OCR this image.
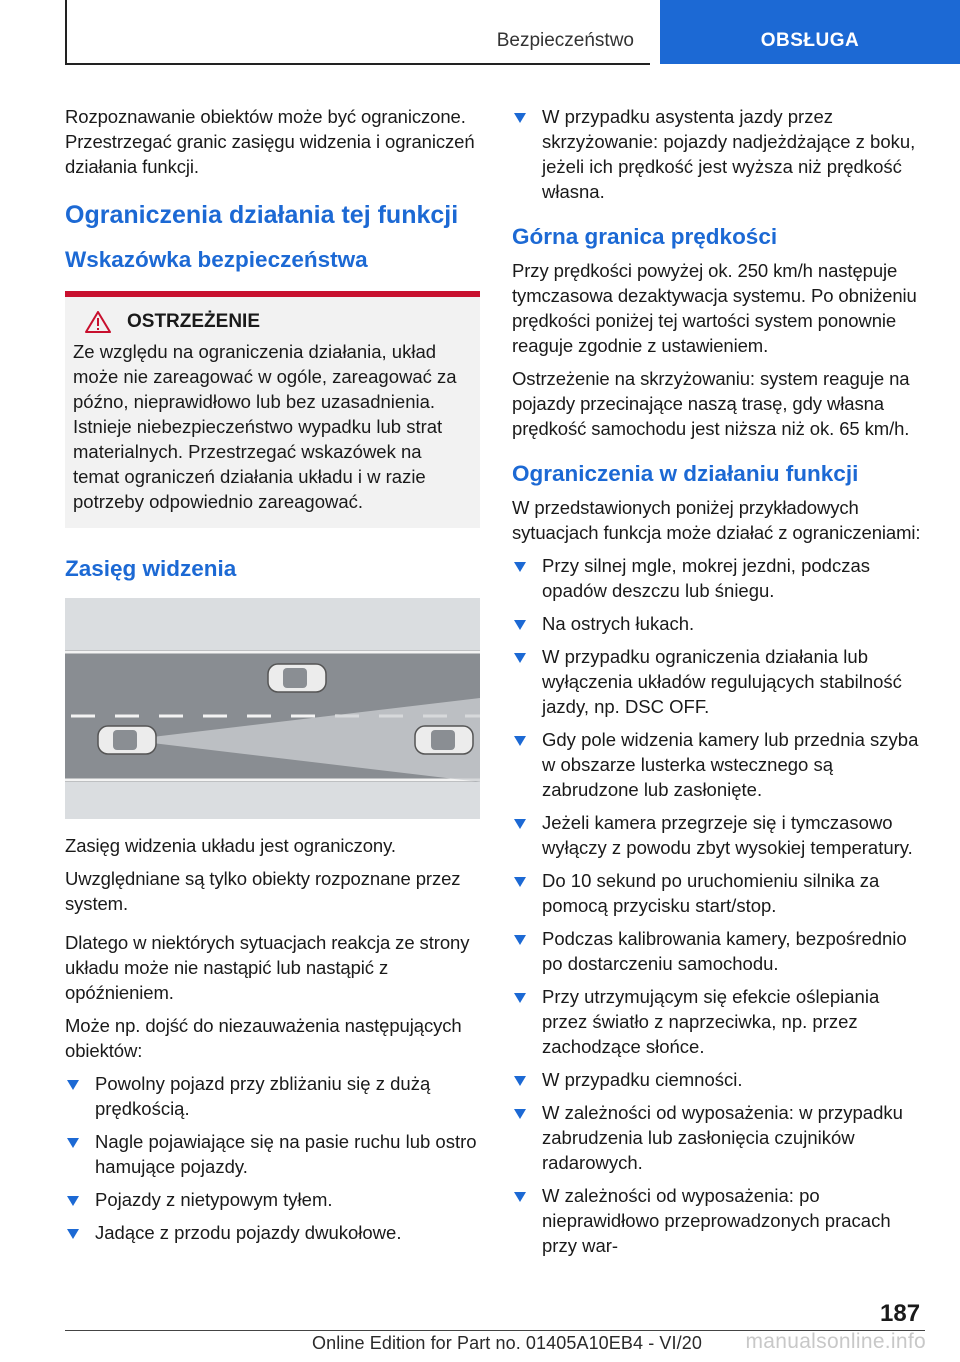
Bezpieczeństwo	OBSŁUGA

Rozpoznawanie obiektów może być ograniczone. Przestrzegać granic zasięgu widzenia i ograniczeń działania funkcji.

Ograniczenia działania tej funkcji
Wskazówka bezpieczeństwa
OSTRZEŻENIE
Ze względu na ograniczenia działania, układ może nie zareagować w ogóle, zareagować za późno, nieprawidłowo lub bez uzasadnienia. Istnieje niebezpieczeństwo wypadku lub strat materialnych. Przestrzegać wskazówek na temat ograniczeń działania układu i w razie potrzeby odpowiednio zareagować.
Zasięg widzenia

Zasięg widzenia układu jest ograniczony.

Uwzględniane są tylko obiekty rozpoznane przez system.

Dlatego w niektórych sytuacjach reakcja ze strony układu może nie nastąpić lub nastąpić z opóźnieniem.

Może np. dojść do niezauważenia następujących obiektów:

Powolny pojazd przy zbliżaniu się z dużą prędkością.
Nagle pojawiające się na pasie ruchu lub ostro hamujące pojazdy.
Pojazdy z nietypowym tyłem.
Jadące z przodu pojazdy dwukołowe.
W przypadku asystenta jazdy przez skrzyżowanie: pojazdy nadjeżdżające z boku, jeżeli ich prędkość jest wyższa niż prędkość własna.
Górna granica prędkości

Przy prędkości powyżej ok. 250 km/h następuje tymczasowa dezaktywacja systemu. Po obniżeniu prędkości poniżej tej wartości system ponownie reaguje zgodnie z ustawieniem.

Ostrzeżenie na skrzyżowaniu: system reaguje na pojazdy przecinające naszą trasę, gdy własna prędkość samochodu jest niższa niż ok. 65 km/h.

Ograniczenia w działaniu funkcji

W przedstawionych poniżej przykładowych sytuacjach funkcja może działać z ograniczeniami:

Przy silnej mgle, mokrej jezdni, podczas opadów deszczu lub śniegu.
Na ostrych łukach.
W przypadku ograniczenia działania lub wyłączenia układów regulujących stabilność jazdy, np. DSC OFF.
Gdy pole widzenia kamery lub przednia szyba w obszarze lusterka wstecznego są zabrudzone lub zasłonięte.
Jeżeli kamera przegrzeje się i tymczasowo wyłączy z powodu zbyt wysokiej temperatury.
Do 10 sekund po uruchomieniu silnika za pomocą przycisku start/stop.
Podczas kalibrowania kamery, bezpośrednio po dostarczeniu samochodu.
Przy utrzymującym się efekcie oślepiania przez światło z naprzeciwka, np. przez zachodzące słońce.
W przypadku ciemności.
W zależności od wyposażenia: w przypadku zabrudzenia lub zasłonięcia czujników radarowych.
W zależności od wyposażenia: po nieprawidłowo przeprowadzonych pracach przy war-
187
Online Edition for Part no. 01405A10EB4 - VI/20 manualsonline.info
